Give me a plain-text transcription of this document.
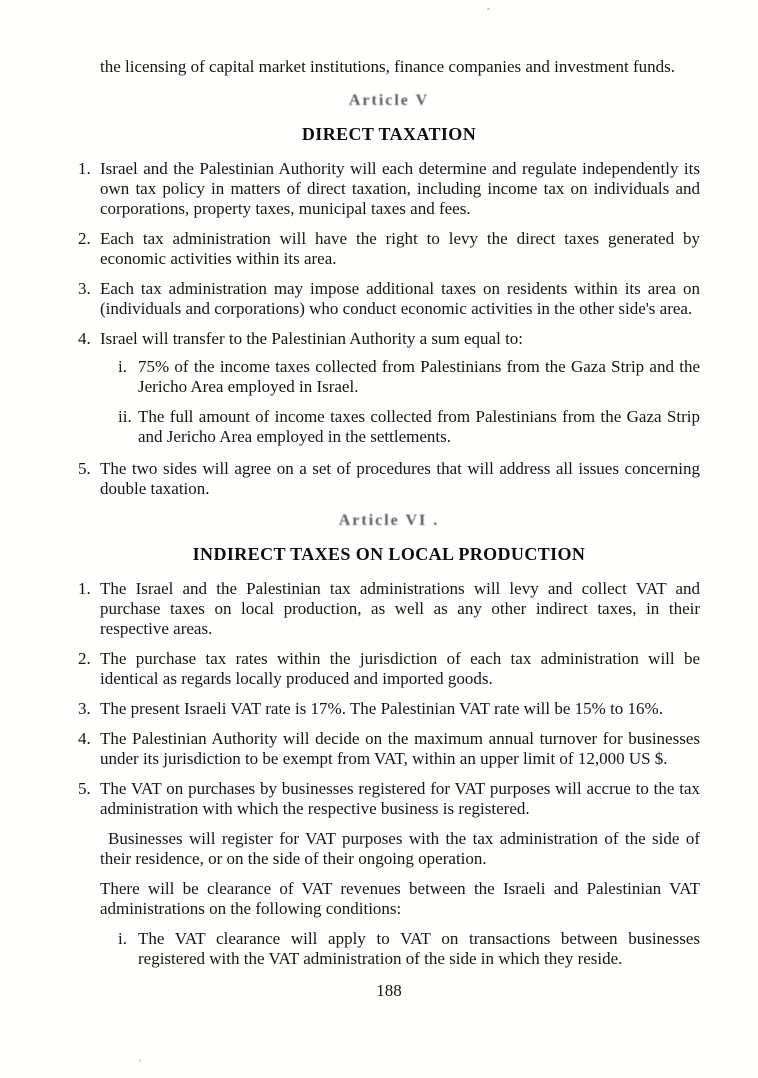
the licensing of capital market institutions, finance companies and investment funds.

Article V

DIRECT TAXATION
1. Israel and the Palestinian Authority will each determine and regulate independently its own tax policy in matters of direct taxation, including income tax on individuals and corporations, property taxes, municipal taxes and fees.
2. Each tax administration will have the right to levy the direct taxes generated by economic activities within its area.
3. Each tax administration may impose additional taxes on residents within its area on (individuals and corporations) who conduct economic activities in the other side's area.
4. Israel will transfer to the Palestinian Authority a sum equal to:
i. 75% of the income taxes collected from Palestinians from the Gaza Strip and the Jericho Area employed in Israel.
ii. The full amount of income taxes collected from Palestinians from the Gaza Strip and Jericho Area employed in the settlements.
5. The two sides will agree on a set of procedures that will address all issues concerning double taxation.

Article VI .

INDIRECT TAXES ON LOCAL PRODUCTION
1. The Israel and the Palestinian tax administrations will levy and collect VAT and purchase taxes on local production, as well as any other indirect taxes, in their respective areas.
2. The purchase tax rates within the jurisdiction of each tax administration will be identical as regards locally produced and imported goods.
3. The present Israeli VAT rate is 17%. The Palestinian VAT rate will be 15% to 16%.
4. The Palestinian Authority will decide on the maximum annual turnover for businesses under its jurisdiction to be exempt from VAT, within an upper limit of 12,000 US $.
5. The VAT on purchases by businesses registered for VAT purposes will accrue to the tax administration with which the respective business is registered.

Businesses will register for VAT purposes with the tax administration of the side of their residence, or on the side of their ongoing operation.

There will be clearance of VAT revenues between the Israeli and Palestinian VAT administrations on the following conditions:

i. The VAT clearance will apply to VAT on transactions between businesses registered with the VAT administration of the side in which they reside.
188
